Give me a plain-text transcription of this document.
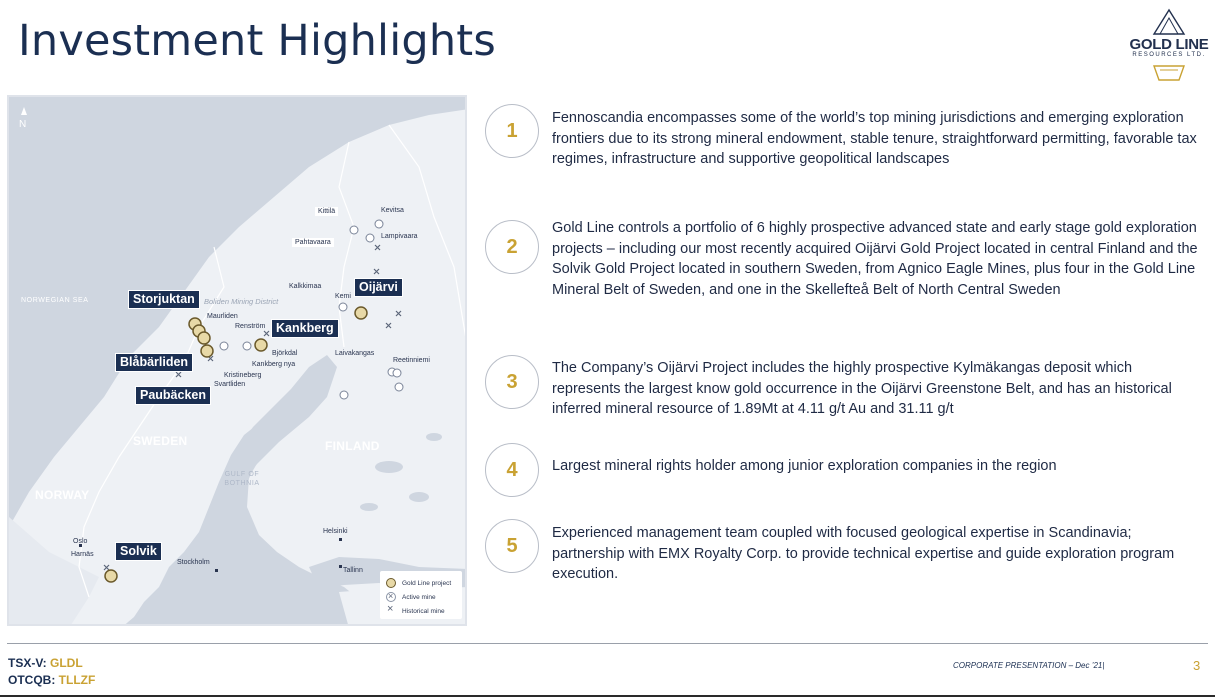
Investment Highlights	GOLD LINE
RESOURCES LTD.
N
NORWEGIAN SEA
GULF OF BOTHNIA
SWEDEN	FINLAND
NORWAY
Boliden Mining District
Kittilä	Kevitsa
Pahtavaara
Lampivaara
Kalkkimaa
Kemi
Maurliden
Renström
Björkdal
Kankberg nya
Kristineberg
Svartliden
Laivakangas
Reetinniemi
Oslo
Harnäs
Stockholm
Helsinki
Tallinn
Storjuktan
Oijärvi
Kankberg
Blåbärliden
Paubäcken
Solvik
Gold Line project
×
Active mine
×
Historical mine
1
Fennoscandia encompasses some of the world’s top mining jurisdictions and emerging exploration frontiers due to its strong mineral endowment, stable tenure, straightforward permitting, favorable tax regimes, infrastructure and supportive geopolitical landscapes
2
Gold Line controls a portfolio of 6 highly prospective advanced state and early stage gold exploration projects – including our most recently acquired Oijärvi Gold Project located in central Finland and the Solvik Gold Project located in southern Sweden, from Agnico Eagle Mines, plus four in the Gold Line Mineral Belt of Sweden, and one in the Skellefteå Belt of North Central Sweden
3
The Company’s Oijärvi Project includes the highly prospective Kylmäkangas deposit which represents the largest know gold occurrence in the Oijärvi Greenstone Belt, and has an historical inferred mineral resource of 1.89Mt at 4.11 g/t Au and 31.11 g/t
4	Largest mineral rights holder among junior exploration companies in the region
5
Experienced management team coupled with focused geological expertise in Scandinavia; partnership with EMX Royalty Corp. to provide technical expertise and guide exploration program execution.
TSX-V: GLDL
OTCQB: TLLZF
CORPORATE PRESENTATION – Dec ’21|	3
